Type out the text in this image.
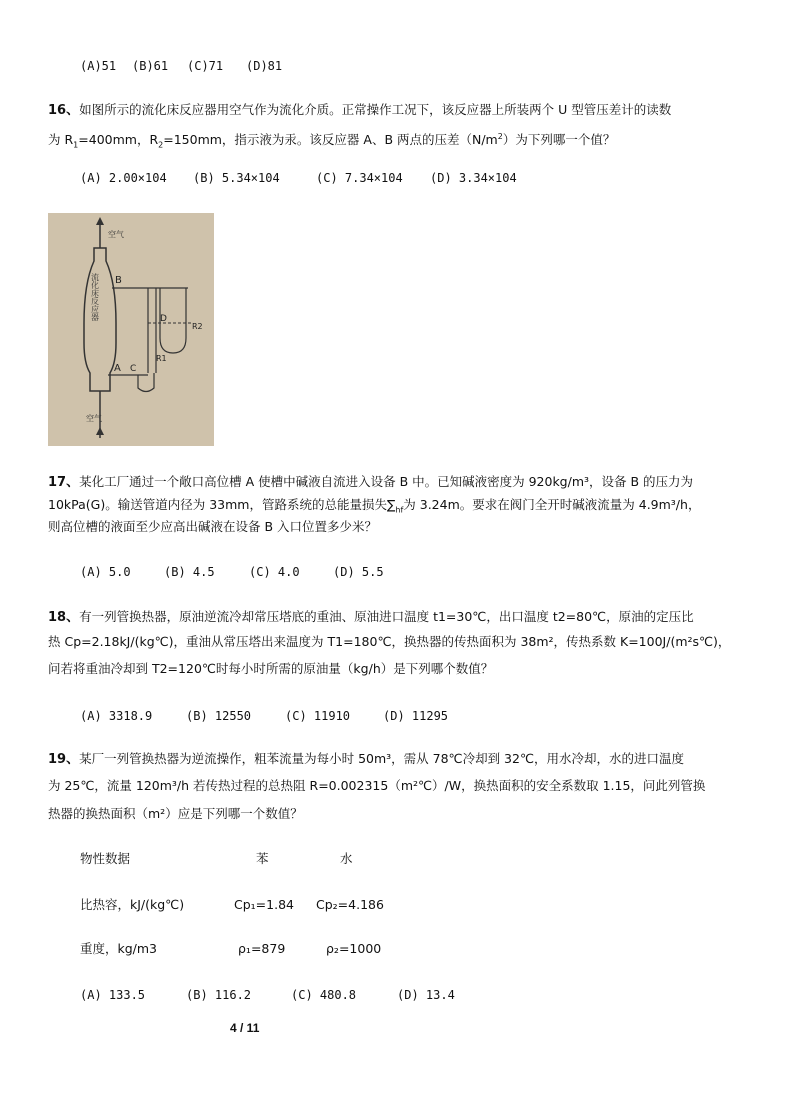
(A)51 (B)61 (C)71 (D)81
16、如图所示的流化床反应器用空气作为流化介质。正常操作工况下，该反应器上所装两个 U 型管压差计的读数
为 $R_1=400mm$，$R_2=150mm$，指示液为汞。该反应器 A、B 两点的压差$(N/m^2)$为下列哪一个值？
(A) 2.00×104 (B) 5.34×104	(C) 7.34×104 (D) 3.34×104
空气
流化床反应器
空气
B
D
R2
R1
C
A
17、某化工厂通过一个敞口高位槽 A 使槽中碱液自流进入设备 B 中。已知碱液密度为 920kg/m³，设备 B 的压力为
10kPa(G)。输送管道内径为 33mm，管路系统的总能量损失$\sum_{hf}$为 3.24m。要求在阀门全开时碱液流量为 4.9m³/h，
则高位槽的液面至少应高出碱液在设备 B 入口位置多少米？
(A) 5.0	(B) 4.5	(C) 4.0	(D) 5.5
18、有一列管换热器，原油逆流冷却常压塔底的重油、原油进口温度 t1=30℃，出口温度 t2=80℃，原油的定压比
热 Cp=2.18kJ/(kg℃)，重油从常压塔出来温度为 T1=180℃，换热器的传热面积为 38m²，传热系数 K=100J/(m²s℃)，
问若将重油冷却到 T2=120℃时每小时所需的原油量（kg/h）是下列哪个数值？
(A) 3318.9	(B) 12550	(C) 11910	(D) 11295
19、某厂一列管换热器为逆流操作，粗苯流量为每小时 50m³，需从 78℃冷却到 32℃，用水冷却，水的进口温度
为 25℃，流量 120m³/h 若传热过程的总热阻 R=0.002315（m²℃）/W，换热面积的安全系数取 1.15，问此列管换
热器的换热面积（m²）应是下列哪一个数值？
物性数据	苯	水
比热容，kJ/(kg℃)	Cp₁=1.84 Cp₂=4.186
重度，kg/m3	ρ₁=879	ρ₂=1000
(A) 133.5	(B) 116.2	(C) 480.8	(D) 13.4
4 / 11
